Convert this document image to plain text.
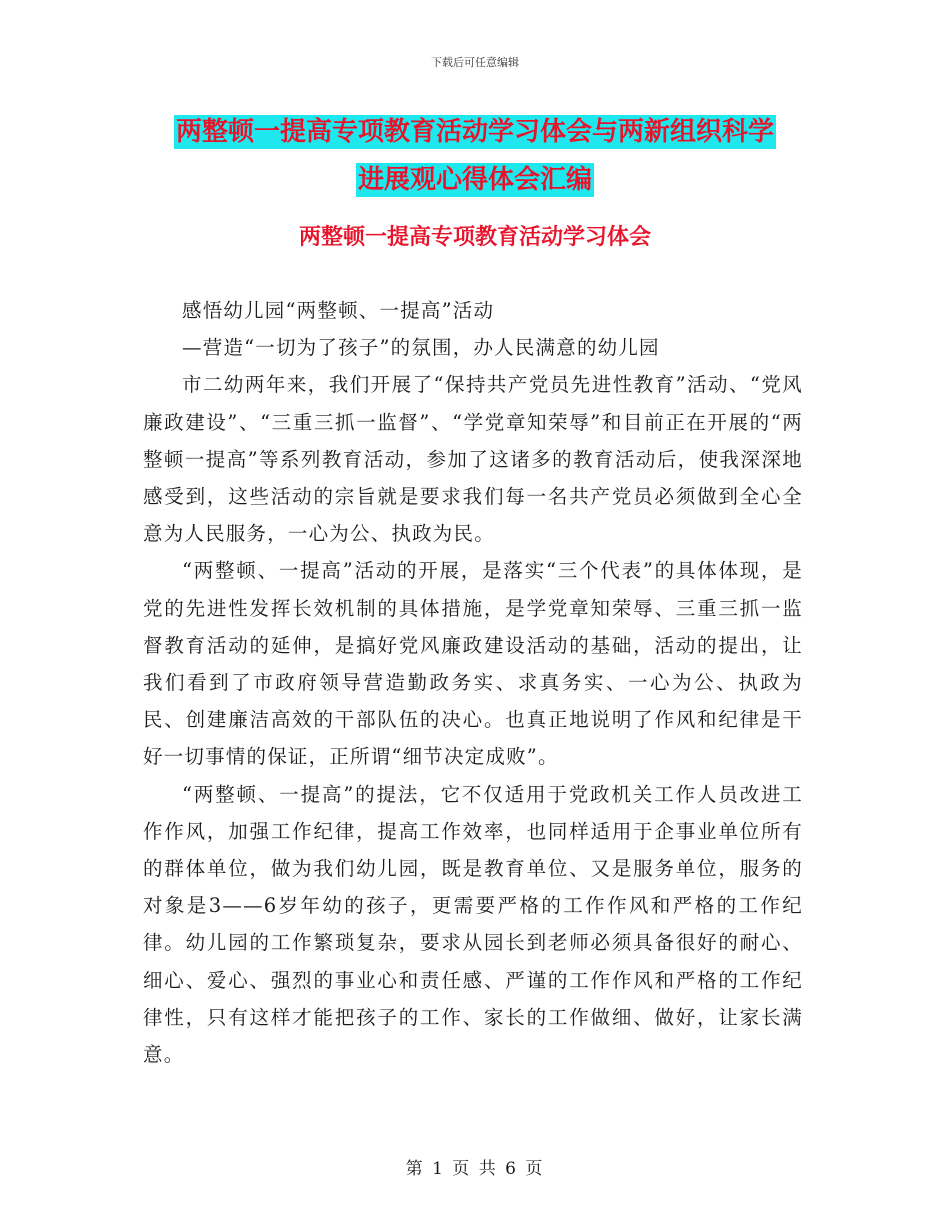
下载后可任意编辑
两整顿一提高专项教育活动学习体会与两新组织科学
进展观心得体会汇编
两整顿一提高专项教育活动学习体会

感悟幼儿园“两整顿、一提高”活动

—营造“一切为了孩子”的氛围，办人民满意的幼儿园

市二幼两年来，我们开展了“保持共产党员先进性教育”活动、“党风廉政建设”、“三重三抓一监督”、“学党章知荣辱”和目前正在开展的“两整顿一提高”等系列教育活动，参加了这诸多的教育活动后，使我深深地感受到，这些活动的宗旨就是要求我们每一名共产党员必须做到全心全意为人民服务，一心为公、执政为民。

“两整顿、一提高”活动的开展，是落实“三个代表”的具体体现，是党的先进性发挥长效机制的具体措施，是学党章知荣辱、三重三抓一监督教育活动的延伸，是搞好党风廉政建设活动的基础，活动的提出，让我们看到了市政府领导营造勤政务实、求真务实、一心为公、执政为民、创建廉洁高效的干部队伍的决心。也真正地说明了作风和纪律是干好一切事情的保证，正所谓“细节决定成败”。

“两整顿、一提高”的提法，它不仅适用于党政机关工作人员改进工作作风，加强工作纪律，提高工作效率，也同样适用于企事业单位所有的群体单位，做为我们幼儿园，既是教育单位、又是服务单位，服务的对象是3——6岁年幼的孩子，更需要严格的工作作风和严格的工作纪律。幼儿园的工作繁琐复杂，要求从园长到老师必须具备很好的耐心、细心、爱心、强烈的事业心和责任感、严谨的工作作风和严格的工作纪律性，只有这样才能把孩子的工作、家长的工作做细、做好，让家长满意。

第 1 页 共 6 页
